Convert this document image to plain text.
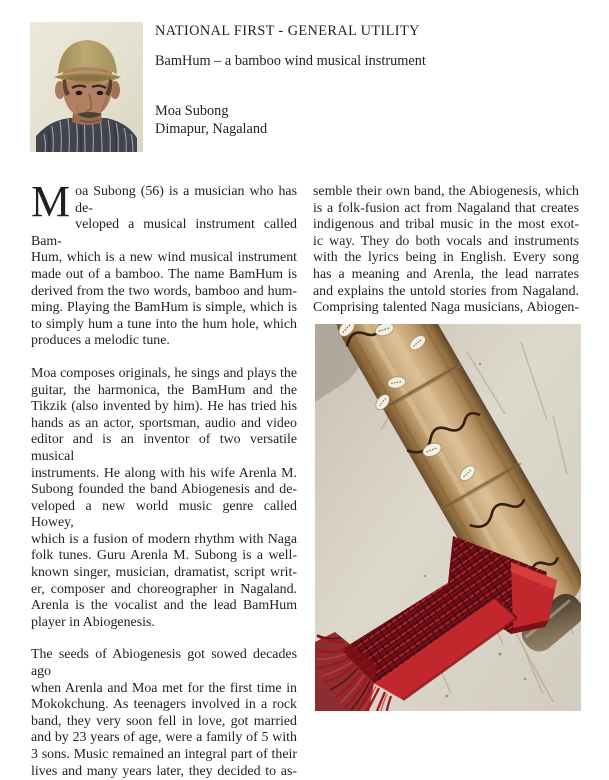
NATIONAL FIRST - GENERAL UTILITY
BamHum – a bamboo wind musical instrument
Moa Subong
Dimapur, Nagaland
M oa Subong (56) is a musician who has de-
veloped a musical instrument called Bam-
Hum, which is a new wind musical instrument
made out of a bamboo. The name BamHum is
derived from the two words, bamboo and hum-
ming. Playing the BamHum is simple, which is
to simply hum a tune into the hum hole, which
produces a melodic tune.
Moa composes originals, he sings and plays the
guitar, the harmonica, the BamHum and the
Tikzik (also invented by him). He has tried his
hands as an actor, sportsman, audio and video
editor and is an inventor of two versatile musical
instruments. He along with his wife Arenla M.
Subong founded the band Abiogenesis and de-
veloped a new world music genre called Howey,
which is a fusion of modern rhythm with Naga
folk tunes. Guru Arenla M. Subong is a well-
known singer, musician, dramatist, script writ-
er, composer and choreographer in Nagaland.
Arenla is the vocalist and the lead BamHum
player in Abiogenesis.
The seeds of Abiogenesis got sowed decades ago
when Arenla and Moa met for the first time in
Mokokchung. As teenagers involved in a rock
band, they very soon fell in love, got married
and by 23 years of age, were a family of 5 with
3 sons. Music remained an integral part of their
lives and many years later, they decided to as-
semble their own band, the Abiogenesis, which
is a folk-fusion act from Nagaland that creates
indigenous and tribal music in the most exot-
ic way. They do both vocals and instruments
with the lyrics being in English. Every song
has a meaning and Arenla, the lead narrates
and explains the untold stories from Nagaland.
Comprising talented Naga musicians, Abiogen-
